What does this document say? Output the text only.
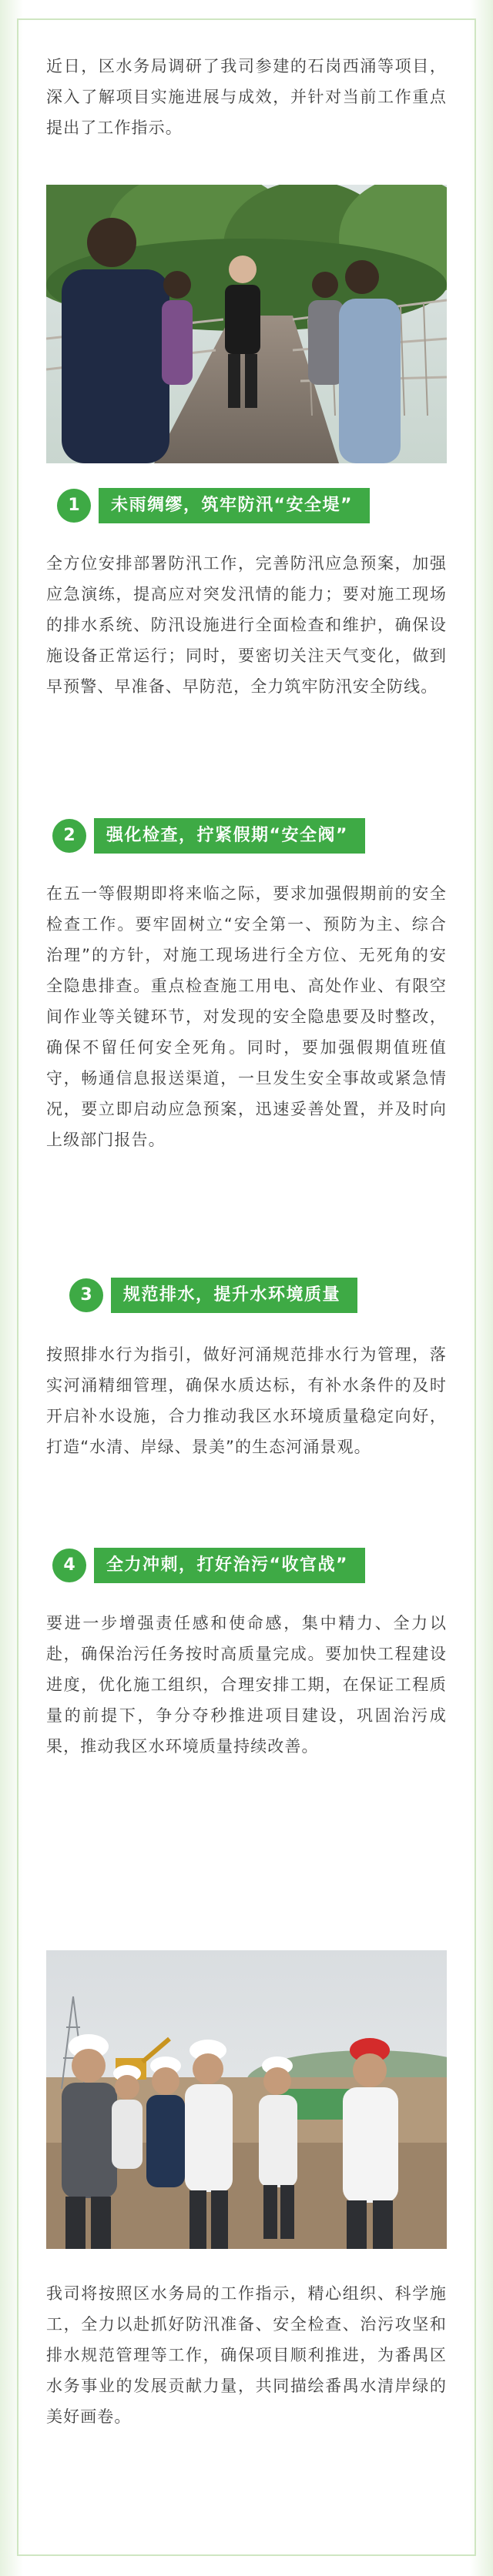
近日，区水务局调研了我司参建的石岗西涌等项目，深入了解项目实施进展与成效，并针对当前工作重点提出了工作指示。

1	未雨绸缪，筑牢防汛“安全堤”

全方位安排部署防汛工作，完善防汛应急预案，加强应急演练，提高应对突发汛情的能力；要对施工现场的排水系统、防汛设施进行全面检查和维护，确保设施设备正常运行；同时，要密切关注天气变化，做到早预警、早准备、早防范，全力筑牢防汛安全防线。

2	强化检查，拧紧假期“安全阀”

在五一等假期即将来临之际，要求加强假期前的安全检查工作。要牢固树立“安全第一、预防为主、综合治理”的方针，对施工现场进行全方位、无死角的安全隐患排查。重点检查施工用电、高处作业、有限空间作业等关键环节，对发现的安全隐患要及时整改，确保不留任何安全死角。同时，要加强假期值班值守，畅通信息报送渠道，一旦发生安全事故或紧急情况，要立即启动应急预案，迅速妥善处置，并及时向上级部门报告。

3	规范排水，提升水环境质量

按照排水行为指引，做好河涌规范排水行为管理，落实河涌精细管理，确保水质达标，有补水条件的及时开启补水设施，合力推动我区水环境质量稳定向好，打造“水清、岸绿、景美”的生态河涌景观。

4	全力冲刺，打好治污“收官战”

要进一步增强责任感和使命感，集中精力、全力以赴，确保治污任务按时高质量完成。要加快工程建设进度，优化施工组织，合理安排工期，在保证工程质量的前提下，争分夺秒推进项目建设，巩固治污成果，推动我区水环境质量持续改善。

我司将按照区水务局的工作指示，精心组织、科学施工，全力以赴抓好防汛准备、安全检查、治污攻坚和排水规范管理等工作，确保项目顺利推进，为番禺区水务事业的发展贡献力量，共同描绘番禺水清岸绿的美好画卷。
